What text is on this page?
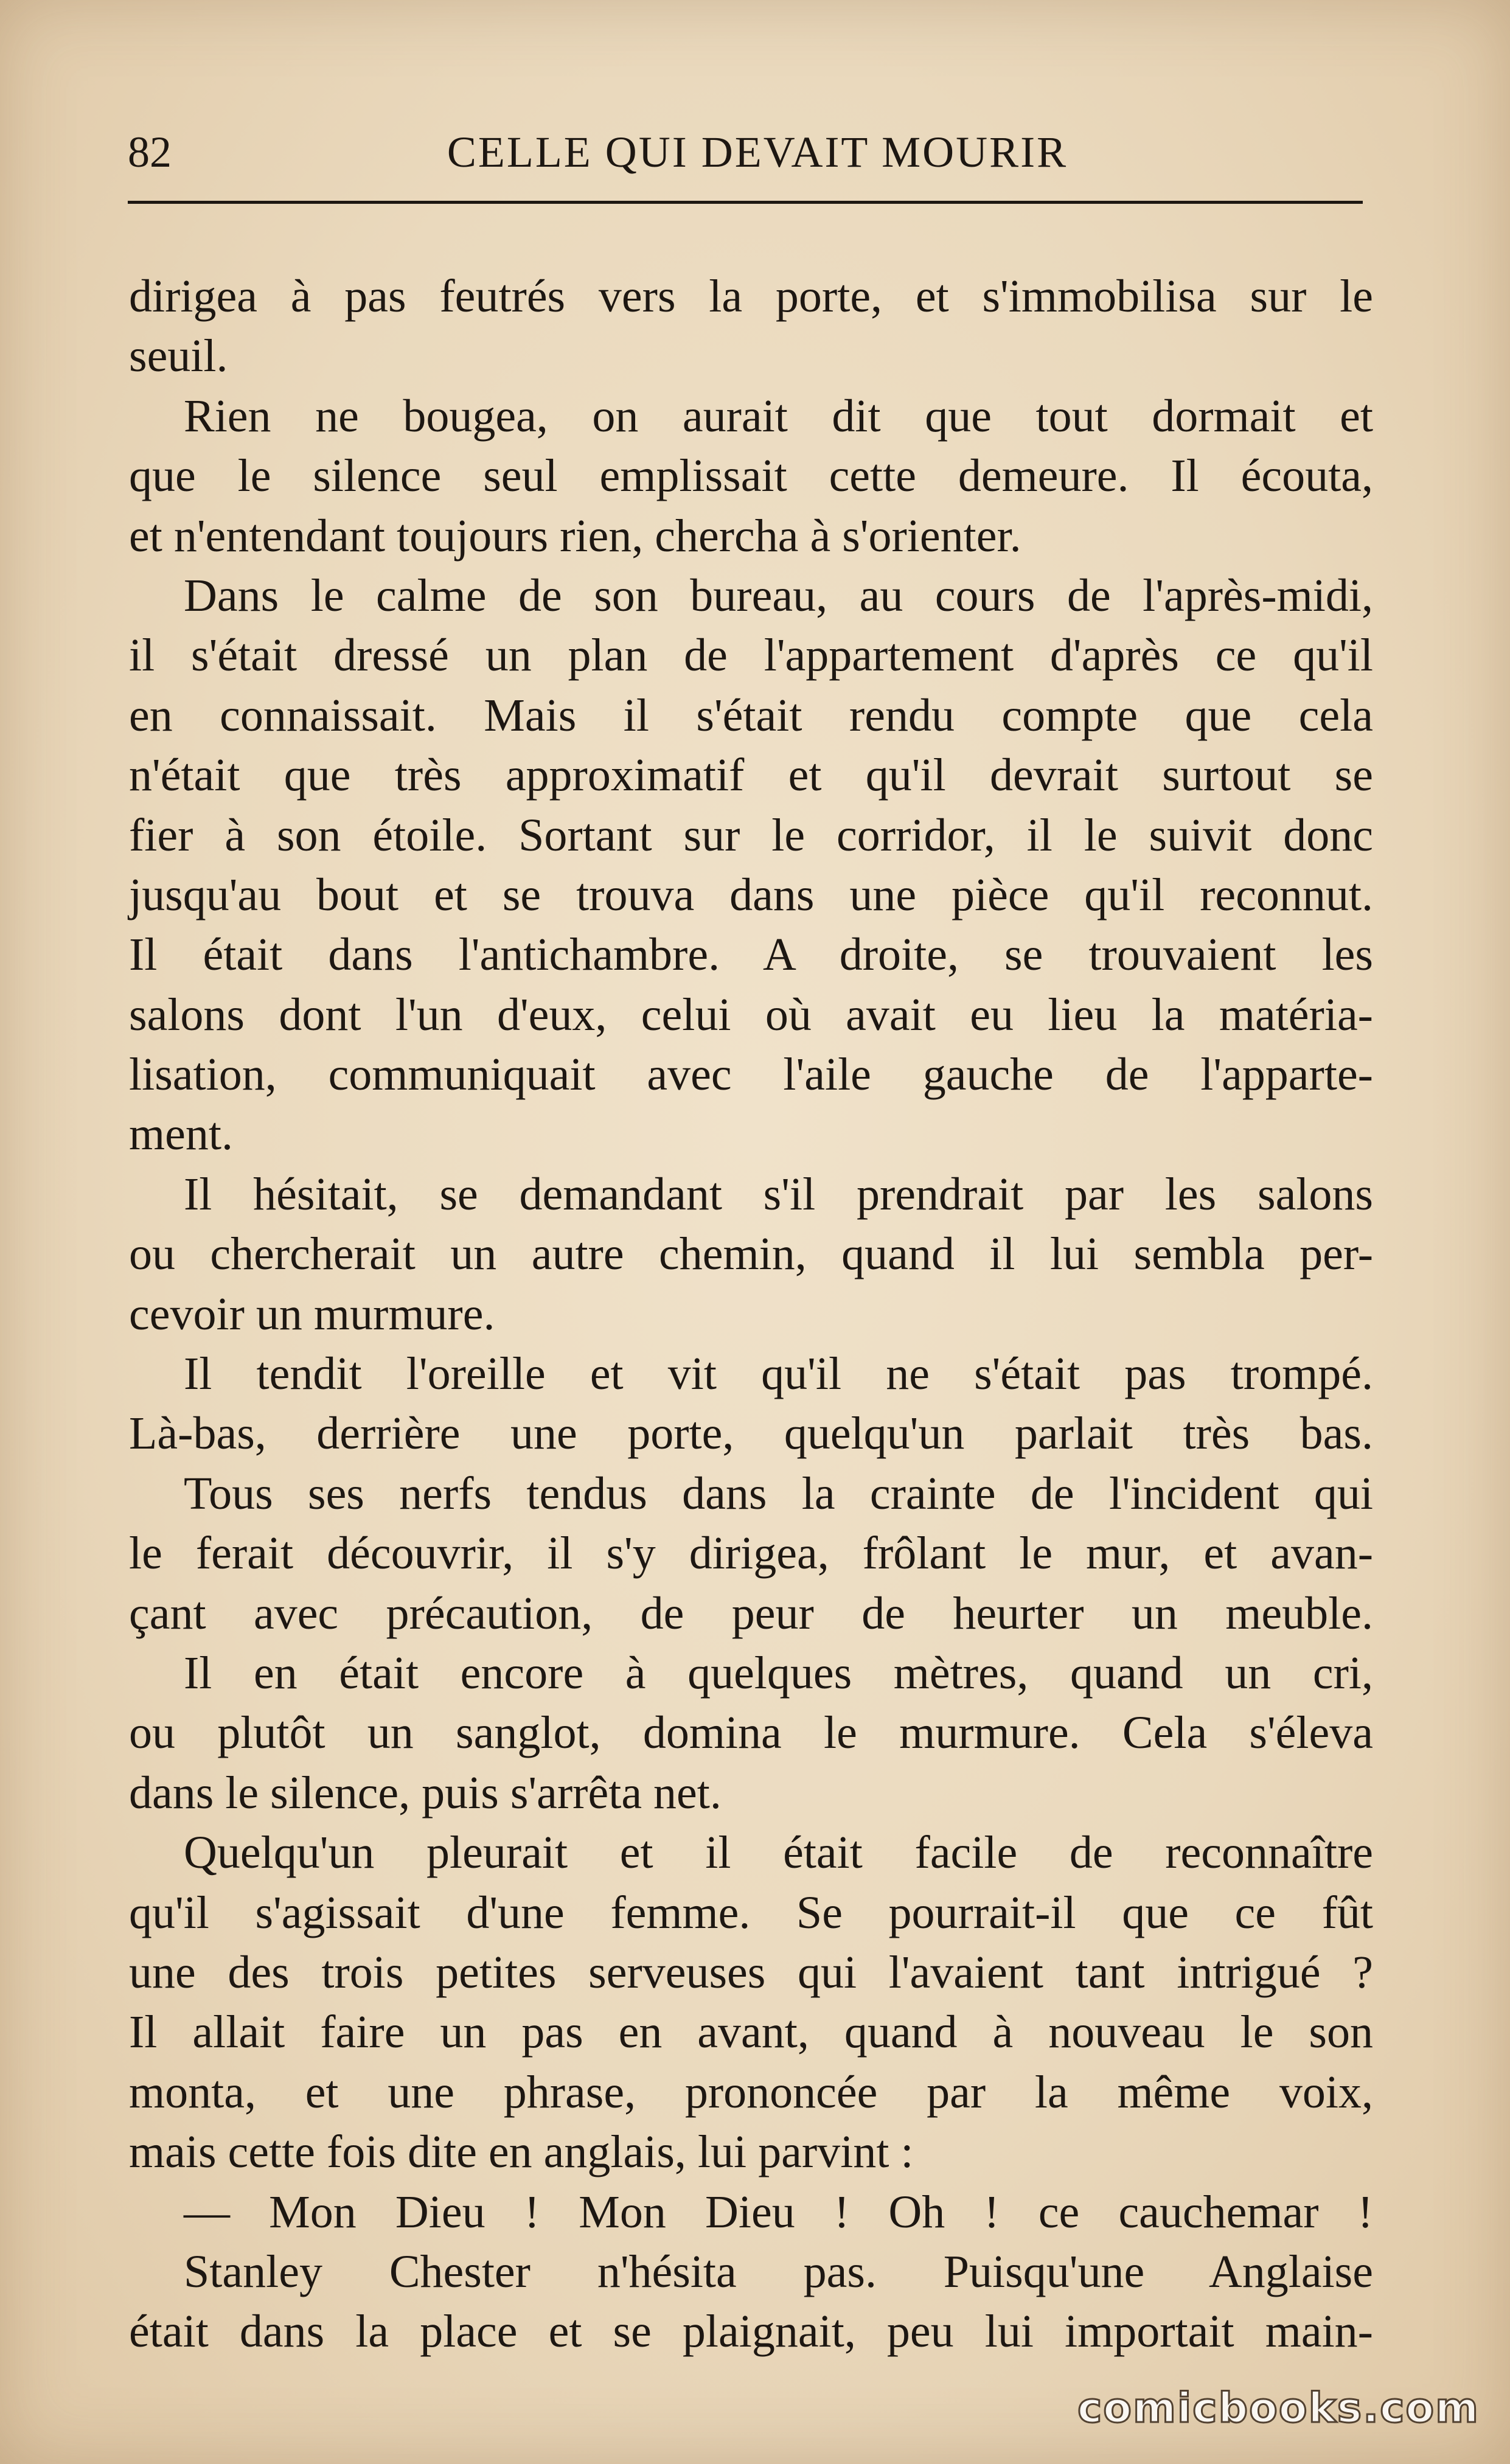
82	CELLE QUI DEVAIT MOURIR
dirigea à pas feutrés vers la porte, et s'immobilisa sur le
seuil.
Rien ne bougea, on aurait dit que tout dormait et
que le silence seul emplissait cette demeure. Il écouta,
et n'entendant toujours rien, chercha à s'orienter.
Dans le calme de son bureau, au cours de l'après-midi,
il s'était dressé un plan de l'appartement d'après ce qu'il
en connaissait. Mais il s'était rendu compte que cela
n'était que très approximatif et qu'il devrait surtout se
fier à son étoile. Sortant sur le corridor, il le suivit donc
jusqu'au bout et se trouva dans une pièce qu'il reconnut.
Il était dans l'antichambre. A droite, se trouvaient les
salons dont l'un d'eux, celui où avait eu lieu la matéria-
lisation, communiquait avec l'aile gauche de l'apparte-
ment.
Il hésitait, se demandant s'il prendrait par les salons
ou chercherait un autre chemin, quand il lui sembla per-
cevoir un murmure.
Il tendit l'oreille et vit qu'il ne s'était pas trompé.
Là-bas, derrière une porte, quelqu'un parlait très bas.
Tous ses nerfs tendus dans la crainte de l'incident qui
le ferait découvrir, il s'y dirigea, frôlant le mur, et avan-
çant avec précaution, de peur de heurter un meuble.
Il en était encore à quelques mètres, quand un cri,
ou plutôt un sanglot, domina le murmure. Cela s'éleva
dans le silence, puis s'arrêta net.
Quelqu'un pleurait et il était facile de reconnaître
qu'il s'agissait d'une femme. Se pourrait-il que ce fût
une des trois petites serveuses qui l'avaient tant intrigué ?
Il allait faire un pas en avant, quand à nouveau le son
monta, et une phrase, prononcée par la même voix,
mais cette fois dite en anglais, lui parvint :
— Mon Dieu ! Mon Dieu ! Oh ! ce cauchemar !
Stanley Chester n'hésita pas. Puisqu'une Anglaise
était dans la place et se plaignait, peu lui importait main-
comicbooks.com
